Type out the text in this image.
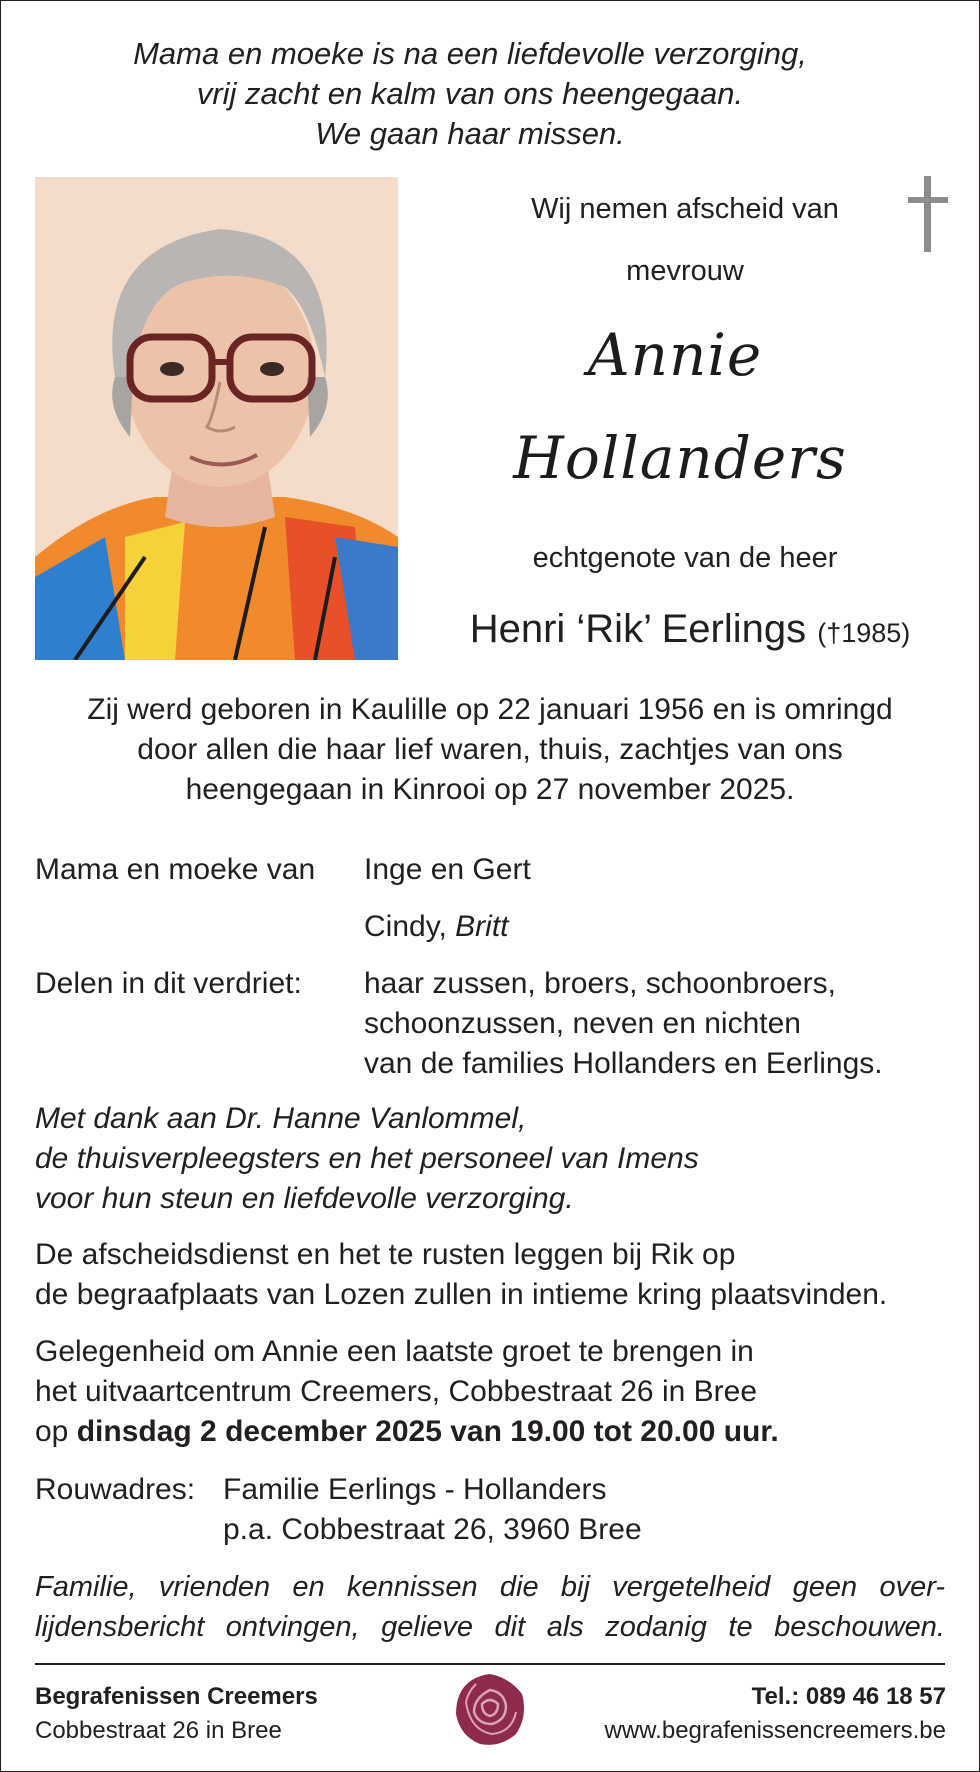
Mama en moeke is na een liefdevolle verzorging,
vrij zacht en kalm van ons heengegaan.
We gaan haar missen.
Wij nemen afscheid van
mevrouw
Annie
Hollanders
echtgenote van de heer
Henri ‘Rik’ Eerlings (†1985)
Zij werd geboren in Kaulille op 22 januari 1956 en is omringd
door allen die haar lief waren, thuis, zachtjes van ons
heengegaan in Kinrooi op 27 november 2025.
Mama en moeke van Inge en Gert
Cindy, Britt
Delen in dit verdriet: haar zussen, broers, schoonbroers,
schoonzussen, neven en nichten
van de families Hollanders en Eerlings.
Met dank aan Dr. Hanne Vanlommel,
de thuisverpleegsters en het personeel van Imens
voor hun steun en liefdevolle verzorging.
De afscheidsdienst en het te rusten leggen bij Rik op
de begraafplaats van Lozen zullen in intieme kring plaatsvinden.
Gelegenheid om Annie een laatste groet te brengen in
het uitvaartcentrum Creemers, Cobbestraat 26 in Bree
op dinsdag 2 december 2025 van 19.00 tot 20.00 uur.
Rouwadres: Familie Eerlings - Hollanders
p.a. Cobbestraat 26, 3960 Bree
Familie, vrienden en kennissen die bij vergetelheid geen over-
lijdensbericht ontvingen, gelieve dit als zodanig te beschouwen.
Begrafenissen Creemers
Cobbestraat 26 in Bree
Tel.: 089 46 18 57
www.begrafenissencreemers.be
